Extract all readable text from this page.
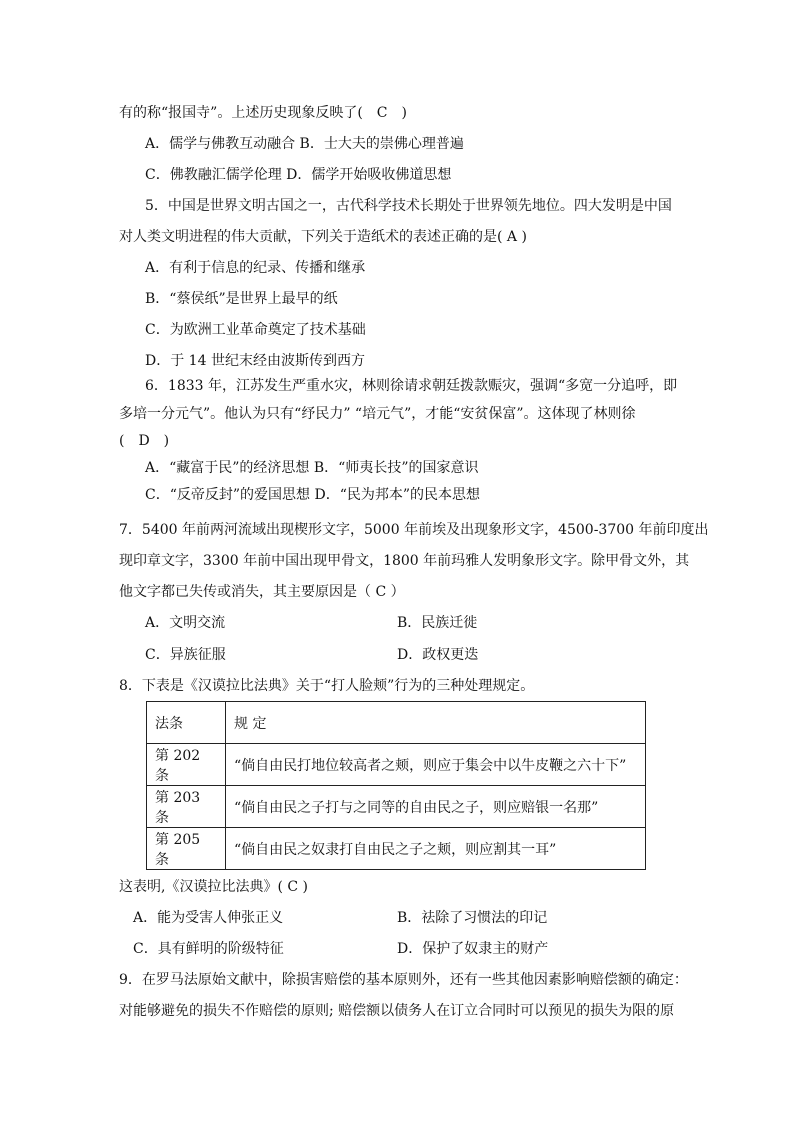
有的称“报国寺”。上述历史现象反映了(　C　)
A．儒学与佛教互动融合 B．士大夫的崇佛心理普遍
C．佛教融汇儒学伦理 D．儒学开始吸收佛道思想
5．中国是世界文明古国之一，古代科学技术长期处于世界领先地位。四大发明是中国
对人类文明进程的伟大贡献，下列关于造纸术的表述正确的是( A )
A．有利于信息的纪录、传播和继承
B．“蔡侯纸”是世界上最早的纸
C．为欧洲工业革命奠定了技术基础
D．于 14 世纪末经由波斯传到西方
6．1833 年，江苏发生严重水灾，林则徐请求朝廷拨款赈灾，强调“多宽一分追呼，即
多培一分元气”。他认为只有“纾民力” “培元气”，才能“安贫保富”。这体现了林则徐
(　D　)
A．“藏富于民”的经济思想 B．“师夷长技”的国家意识
C．“反帝反封”的爱国思想 D．“民为邦本”的民本思想
7．5400 年前两河流域出现楔形文字，5000 年前埃及出现象形文字，4500-3700 年前印度出
现印章文字，3300 年前中国出现甲骨文，1800 年前玛雅人发明象形文字。除甲骨文外，其
他文字都已失传或消失，其主要原因是（ C ）
A．文明交流	B．民族迁徙
C．异族征服	D．政权更迭
8．下表是《汉谟拉比法典》关于“打人脸颊”行为的三种处理规定。
法条	规 定
第 202 条	“倘自由民打地位较高者之颊，则应于集会中以牛皮鞭之六十下”
第 203 条	“倘自由民之子打与之同等的自由民之子，则应赔银一名那”
第 205 条	“倘自由民之奴隶打自由民之子之颊，则应割其一耳”
这表明,《汉谟拉比法典》( C )
A．能为受害人伸张正义	B．祛除了习惯法的印记
C．具有鲜明的阶级特征	D．保护了奴隶主的财产
9．在罗马法原始文献中，除损害赔偿的基本原则外，还有一些其他因素影响赔偿额的确定：
对能够避免的损失不作赔偿的原则; 赔偿额以债务人在订立合同时可以预见的损失为限的原
